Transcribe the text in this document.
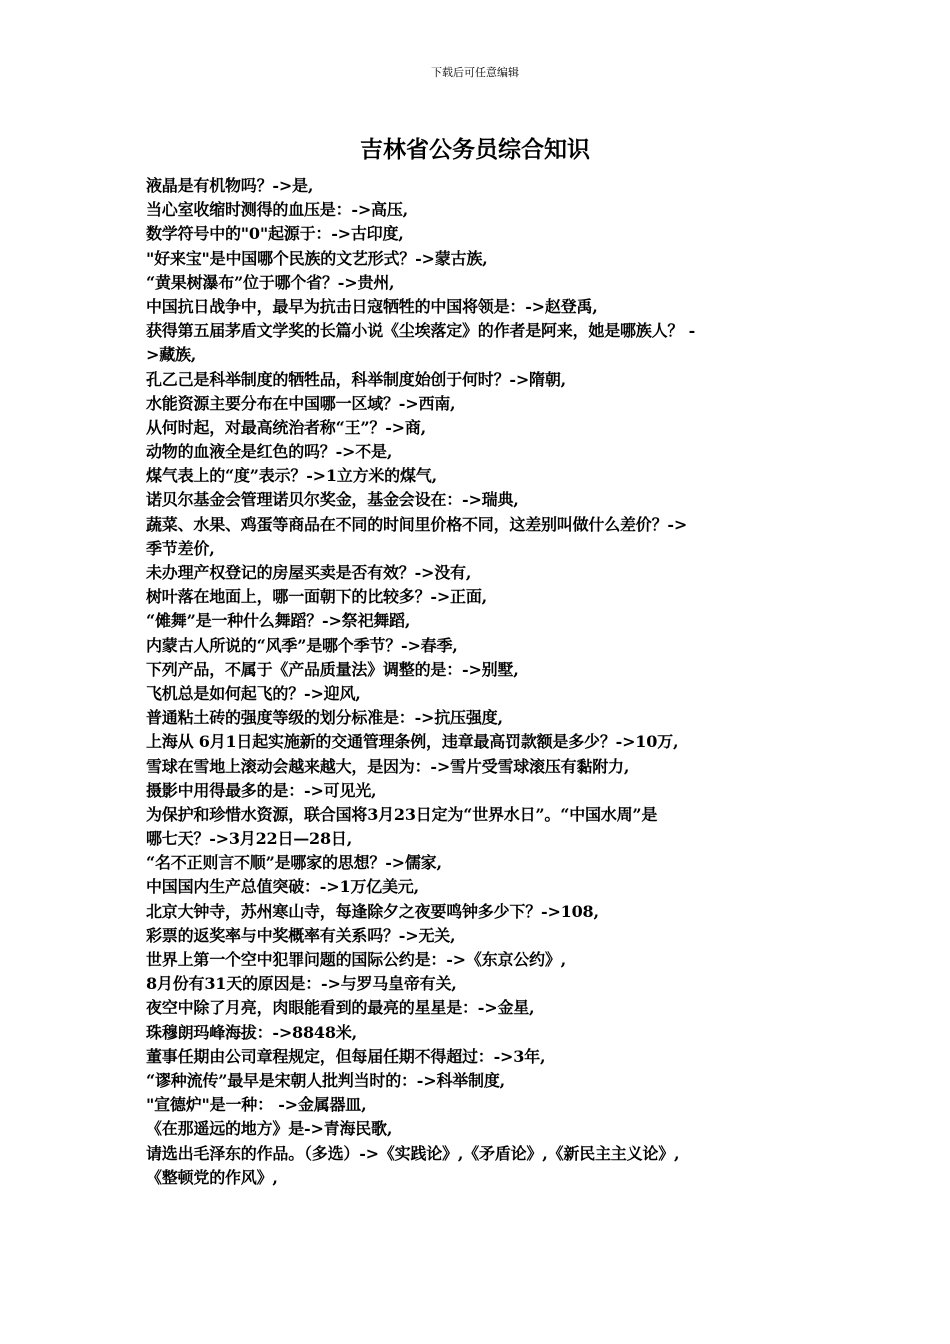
下载后可任意编辑
吉林省公务员综合知识
液晶是有机物吗？->是,
当心室收缩时测得的血压是：->高压,
数学符号中的"0"起源于：->古印度,
"好来宝"是中国哪个民族的文艺形式？->蒙古族,
“黄果树瀑布”位于哪个省？->贵州,
中国抗日战争中，最早为抗击日寇牺牲的中国将领是：->赵登禹,
获得第五届茅盾文学奖的长篇小说《尘埃落定》的作者是阿来，她是哪族人？ -
>藏族,
孔乙己是科举制度的牺牲品，科举制度始创于何时？->隋朝,
水能资源主要分布在中国哪一区域？->西南,
从何时起，对最高统治者称“王”？->商,
动物的血液全是红色的吗？->不是,
煤气表上的“度”表示？->1立方米的煤气,
诺贝尔基金会管理诺贝尔奖金，基金会设在：->瑞典,
蔬菜、水果、鸡蛋等商品在不同的时间里价格不同，这差别叫做什么差价？->
季节差价,
未办理产权登记的房屋买卖是否有效？->没有,
树叶落在地面上，哪一面朝下的比较多？->正面,
“傩舞”是一种什么舞蹈？->祭祀舞蹈,
内蒙古人所说的“风季”是哪个季节？->春季,
下列产品，不属于《产品质量法》调整的是：->别墅,
飞机总是如何起飞的？->迎风,
普通粘土砖的强度等级的划分标准是：->抗压强度,
上海从 6月1日起实施新的交通管理条例，违章最高罚款额是多少？->10万,
雪球在雪地上滚动会越来越大，是因为：->雪片受雪球滚压有黏附力,
摄影中用得最多的是：->可见光,
为保护和珍惜水资源，联合国将3月23日定为“世界水日”。“中国水周”是
哪七天？->3月22日—28日,
“名不正则言不顺”是哪家的思想？->儒家,
中国国内生产总值突破：->1万亿美元,
北京大钟寺，苏州寒山寺，每逢除夕之夜要鸣钟多少下？->108,
彩票的返奖率与中奖概率有关系吗？->无关,
世界上第一个空中犯罪问题的国际公约是：->《东京公约》,
8月份有31天的原因是：->与罗马皇帝有关,
夜空中除了月亮，肉眼能看到的最亮的星星是：->金星,
珠穆朗玛峰海拔：->8848米,
董事任期由公司章程规定，但每届任期不得超过：->3年,
“谬种流传”最早是宋朝人批判当时的：->科举制度,
"宣德炉"是一种： ->金属器皿,
《在那遥远的地方》是->青海民歌,
请选出毛泽东的作品。（多选）->《实践论》,《矛盾论》,《新民主主义论》,
《整顿党的作风》,
